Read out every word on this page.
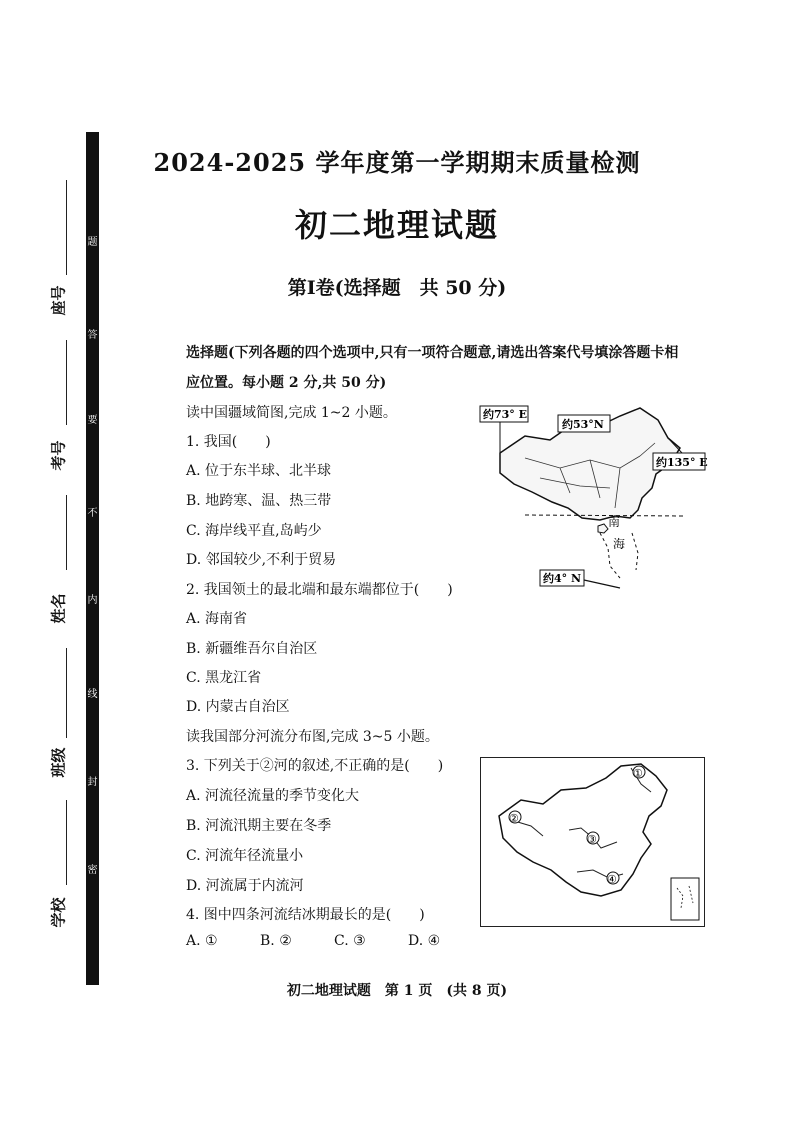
题
答
要
不
内
线
封
密
座号
考号
姓名
班级
学校
2024-2025 学年度第一学期期末质量检测
初二地理试题
第Ⅰ卷(选择题　共 50 分)
选择题(下列各题的四个选项中,只有一项符合题意,请选出答案代号填涂答题卡相
应位置。每小题 2 分,共 50 分)
读中国疆域简图,完成 1~2 小题。
1. 我国(　　)
A. 位于东半球、北半球
B. 地跨寒、温、热三带
C. 海岸线平直,岛屿少
D. 邻国较少,不利于贸易
2. 我国领土的最北端和最东端都位于(　　)
A. 海南省
B. 新疆维吾尔自治区
C. 黑龙江省
D. 内蒙古自治区
南
海
约73° E
约53°N
约135° E
约4° N
读我国部分河流分布图,完成 3~5 小题。
3. 下列关于②河的叙述,不正确的是(　　)
A. 河流径流量的季节变化大
B. 河流汛期主要在冬季
C. 河流年径流量小
D. 河流属于内流河
4. 图中四条河流结冰期最长的是(　　)
A. ①	B. ②	C. ③	D. ④
①
②
③
④
初二地理试题　第 1 页　(共 8 页)
